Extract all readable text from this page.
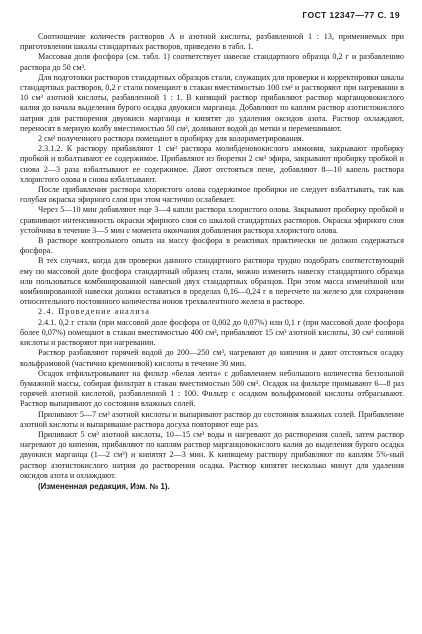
ГОСТ 12347—77 С. 19

Соотношение количеств растворов А и азотной кислоты, разбавленной 1 : 13, применяемых при приготовлении шкалы стандартных растворов, приведено в табл. 1.

Массовая доля фосфора (см. табл. 1) соответствует навеске стандартного образца 0,2 г и разбавлению раствора до 50 см³.

Для подготовки растворов стандартных образцов стали, служащих для проверки и корректировки шкалы стандартных растворов, 0,2 г стали помещают в стакан вместимостью 100 см³ и растворяют при нагревании в 10 см³ азотной кислоты, разбавленной 1 : 1. В кипящий раствор прибавляют раствор марганцовокислого калия до начала выделения бурого осадка двуокиси марганца. Добавляют по каплям раствор азотистокислого натрия для растворения двуокиси марганца и кипятят до удаления оксидов азота. Раствор охлаждают, переносят в мерную колбу вместимостью 50 см³, доливают водой до метки и перемешивают.

2 см³ полученного раствора помещают в пробирку для колориметрирования.

2.3.1.2. К раствору прибавляют 1 см³ раствора молибденовокислого аммония, закрывают пробирку пробкой и взбалтывают ее содержимое. Прибавляют из бюретки 2 см³ эфира, закрывают пробирку пробкой и снова 2—3 раза взбалтывают ее содержимое. Дают отстояться пене, добавляют 8—10 капель раствора хлористого олова и снова взбалтывают.

После прибавления раствора хлористого олова содержимое пробирки не следует взбалтывать, так как голубая окраска эфирного слоя при этом частично ослабевает.

Через 5—10 мин добавляют еще 3—4 капли раствора хлористого олова. Закрывают пробирку пробкой и сравнивают интенсивность окраски эфирного слоя со шкалой стандартных растворов. Окраска эфирного слоя устойчива в течение 3—5 мин с момента окончания добавления раствора хлористого олова.

В растворе контрольного опыта на массу фосфора в реактивах практически не должно содержаться фосфора.

В тех случаях, когда для проверки данного стандартного раствора трудно подобрать соответствующий ему по массовой доле фосфора стандартный образец стали, можно изменить навеску стандартного образца или пользоваться комбинированной навеской двух стандартных образцов. При этом масса изменённой или комбинированной навески должна оставаться в пределах 0,16—0,24 г в пересчете на железо для сохранения относительного постоянного количества ионов трехвалентного железа в растворе.

2.4. Проведение анализа

2.4.1. 0,2 г стали (при массовой доле фосфора от 0,002 до 0,07%) или 0,1 г (при массовой доле фосфора более 0,07%) помещают в стакан вместимостью 400 см³, прибавляют 15 см³ азотной кислоты, 30 см³ соляной кислоты и растворяют при нагревании.

Раствор разбавляют горячей водой до 200—250 см³, нагревают до кипения и дают отстояться осадку вольфрамовой (частично кремниевой) кислоты в течение 30 мин.

Осадок отфильтровывают на фильтр «белая лента» с добавлением небольшого количества беззольной бумажной массы, собирая фильтрат в стакан вместимостью 500 см³. Осадок на фильтре промывают 6—8 раз горячей азотной кислотой, разбавленной 1 : 100. Фильтр с осадком вольфрамовой кислоты отбрасывают. Раствор выпаривают до состояния влажных солей.

Приливают 5—7 см³ азотной кислоты и выпаривают раствор до состояния влажных солей. Прибавление азотной кислоты и выпаривание раствора досуха повторяют еще раз.

Приливают 5 см³ азотной кислоты, 10—15 см³ воды и нагревают до растворения солей, затем раствор нагревают до кипения, прибавляют по каплям раствор марганцовокислого калия до выделения бурого осадка двуокиси марганца (1—2 см³) и кипятят 2—3 мин. К кипящему раствору прибавляют по каплям 5%-ный раствор азотистокислого натрия до растворения осадка. Раствор кипятят несколько минут для удаления оксидов азота и охлаждают.

(Измененная редакция, Изм. № 1).
